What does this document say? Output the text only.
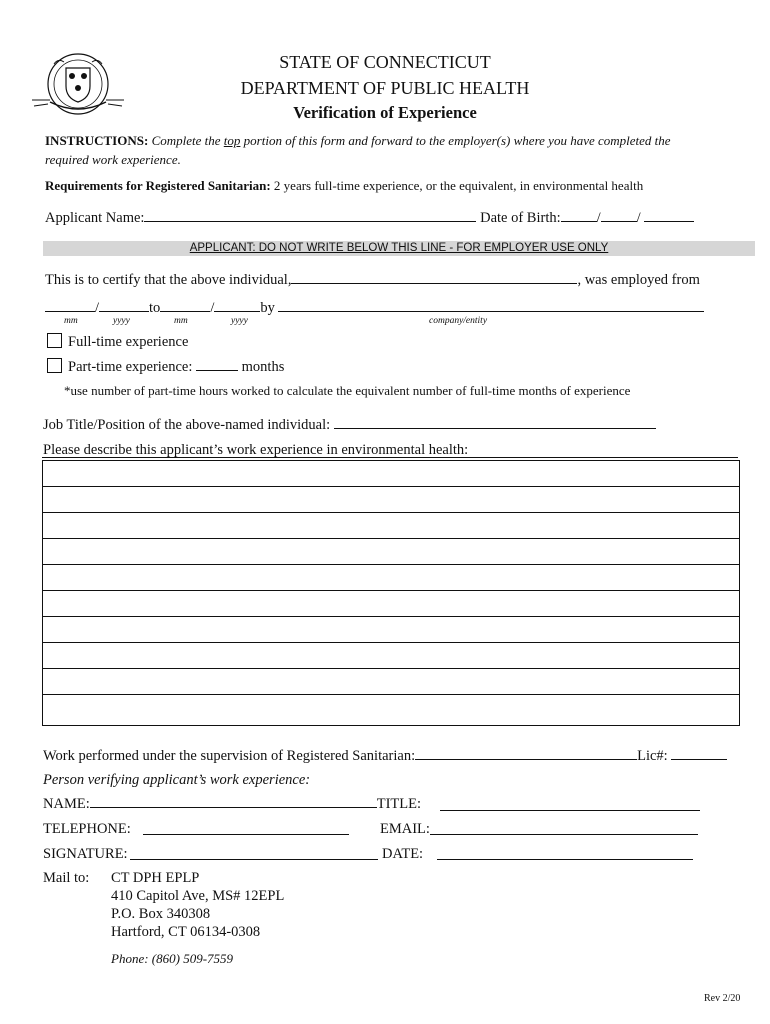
STATE OF CONNECTICUT
DEPARTMENT OF PUBLIC HEALTH
Verification of Experience
INSTRUCTIONS: Complete the top portion of this form and forward to the employer(s) where you have completed the
required work experience.
Requirements for Registered Sanitarian: 2 years full-time experience, or the equivalent, in environmental health
Applicant Name:	Date of Birth: / /
APPLICANT: DO NOT WRITE BELOW THIS LINE - FOR EMPLOYER USE ONLY
This is to certify that the above individual,	, was employed from
/	to	/	by
mm	yyyy	mm	yyyy	company/entity
Full-time experience
Part-time experience:	months
*use number of part-time hours worked to calculate the equivalent number of full-time months of experience
Job Title/Position of the above-named individual:
Please describe this applicant’s work experience in environmental health:
Work performed under the supervision of Registered Sanitarian:	Lic#:
Person verifying applicant’s work experience:
NAME:	TITLE:
TELEPHONE:	EMAIL:
SIGNATURE:	DATE:
Mail to: CT DPH EPLP
410 Capitol Ave, MS# 12EPL
P.O. Box 340308
Hartford, CT 06134-0308
Phone: (860) 509-7559
Rev 2/20
